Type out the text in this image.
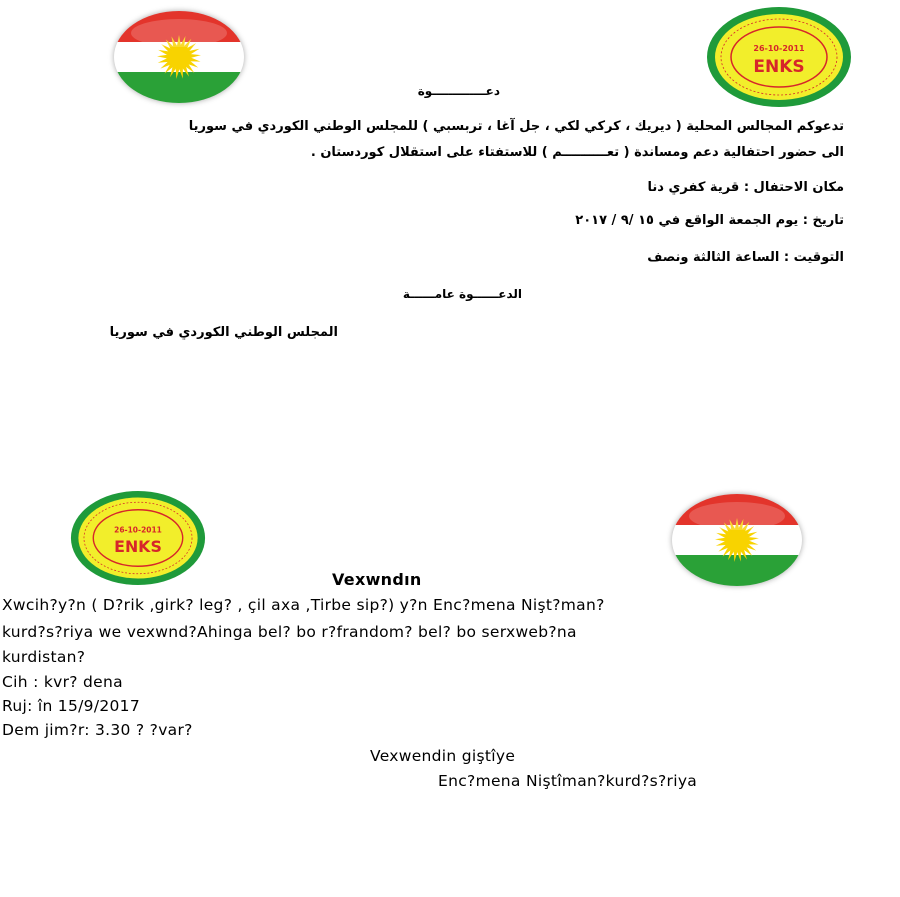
26-10-2011
ENKS
دعـــــــــــــوة
تدعوكم المجالس المحلية ( ديريك ، كركي لكي ، جل آغا ، تربسبي ) للمجلس الوطني الكوردي في سوريا
الى حضور احتفالية دعم ومساندة ( تعــــــــــم ) للاستفتاء على استقلال كوردستان .
مكان الاحتفال : قرية كفري دنا
تاريخ : يوم الجمعة الواقع في ١٥ /٩ / ٢٠١٧
التوقيت : الساعة الثالثة ونصف
الدعــــــوة عامــــــة
المجلس الوطني الكوردي في سوريا
26-10-2011
ENKS
Vexwndın
Xwcih?y?n ( D?rik ,girk? leg? , çil axa ,Tirbe sip?) y?n Enc?mena Nişt?man?
kurd?s?riya we vexwnd?Ahinga bel? bo r?frandom? bel? bo serxweb?na
kurdistan?
Cih : kvr? dena
Ruj: în 15/9/2017
Dem jim?r: 3.30 ? ?var?
Vexwendin giştîye
Enc?mena Niştîman?kurd?s?riya
